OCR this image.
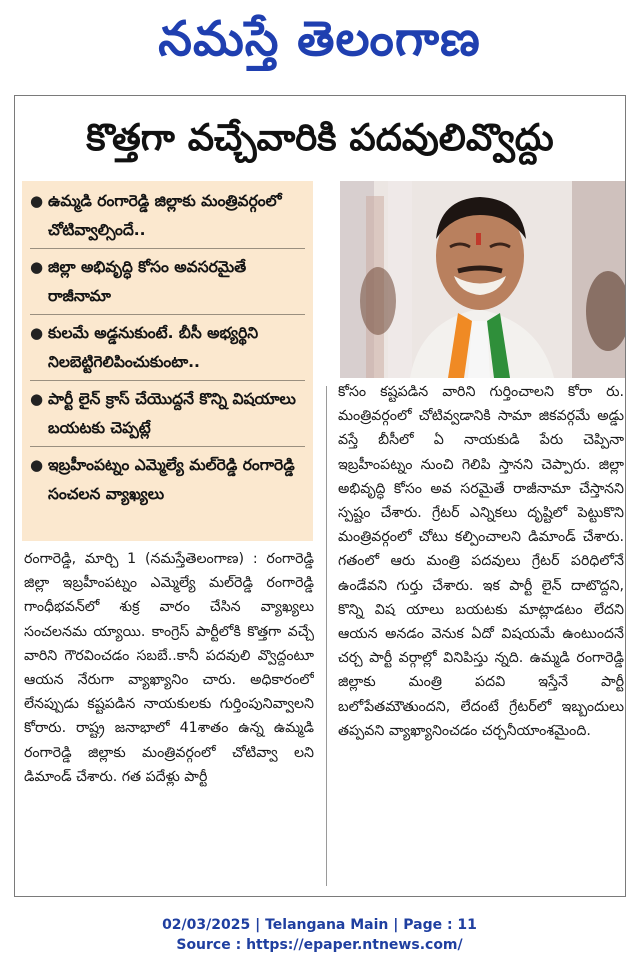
నమస్తే తెలంగాణ
కొత్తగా వచ్చేవారికి పదవులివ్వొద్దు
● ఉమ్మడి రంగారెడ్డి జిల్లాకు మంత్రివర్గంలో చోటివ్వాల్సిందే..
● జిల్లా అభివృద్ధి కోసం అవసరమైతే రాజీనామా
● కులమే అడ్డనుకుంటే. బీసీ అభ్యర్థిని నిలబెట్టిగెలిపించుకుంటా..
● పార్టీ లైన్ క్రాస్ చేయొద్దనే కొన్ని విషయాలు బయటకు చెప్పట్లే
● ఇబ్రహీంపట్నం ఎమ్మెల్యే మల్‌రెడ్డి రంగారెడ్డి సంచలన వ్యాఖ్యలు

రంగారెడ్డి, మార్చి 1 (నమస్తేతెలంగాణ) : రంగారెడ్డి జిల్లా ఇబ్రహీంపట్నం ఎమ్మెల్యే మల్‌రెడ్డి రంగారెడ్డి గాంధీభవన్‌లో శుక్ర వారం చేసిన వ్యాఖ్యలు సంచలనమ య్యాయి. కాంగ్రెస్ పార్టీలోకి కొత్తగా వచ్చే వారిని గౌరవించడం సబబే..కానీ పదవులి వ్వొద్దంటూ ఆయన నేరుగా వ్యాఖ్యానిం చారు. అధికారంలో లేనప్పుడు కష్టపడిన నాయకులకు గుర్తింపునివ్వాలని కోరారు. రాష్ట్ర జనాభాలో 41శాతం ఉన్న ఉమ్మడి రంగారెడ్డి జిల్లాకు మంత్రివర్గంలో చోటివ్వా లని డిమాండ్ చేశారు. గత పదేళ్లు పార్టీ

కోసం కష్టపడిన వారిని గుర్తించాలని కోరా రు. మంత్రివర్గంలో చోటివ్వడానికి సామా జికవర్గమే అడ్డు వస్తే బీసీలో ఏ నాయకుడి పేరు చెప్పినా ఇబ్రహీంపట్నం నుంచి గెలిపి స్తానని చెప్పారు. జిల్లా అభివృద్ధి కోసం అవ సరమైతే రాజీనామా చేస్తానని స్పష్టం చేశారు. గ్రేటర్ ఎన్నికలు దృష్టిలో పెట్టుకొని మంత్రివర్గంలో చోటు కల్పించాలని డిమాండ్ చేశారు. గతంలో ఆరు మంత్రి పదవులు గ్రేటర్ పరిధిలోనే ఉండేవని గుర్తు చేశారు. ఇక పార్టీ లైన్ దాటొద్దని, కొన్ని విష యాలు బయటకు మాట్లాడటం లేదని ఆయన అనడం వెనుక ఏదో విషయమే ఉంటుందనే చర్చ పార్టీ వర్గాల్లో వినిపిస్తు న్నది. ఉమ్మడి రంగారెడ్డి జిల్లాకు మంత్రి పదవి ఇస్తేనే పార్టీ బలోపేతమౌతుందని, లేదంటే గ్రేటర్‌లో ఇబ్బందులు తప్పవని వ్యాఖ్యానించడం చర్చనీయాంశమైంది.

02/03/2025 | Telangana Main | Page : 11
Source : https://epaper.ntnews.com/
